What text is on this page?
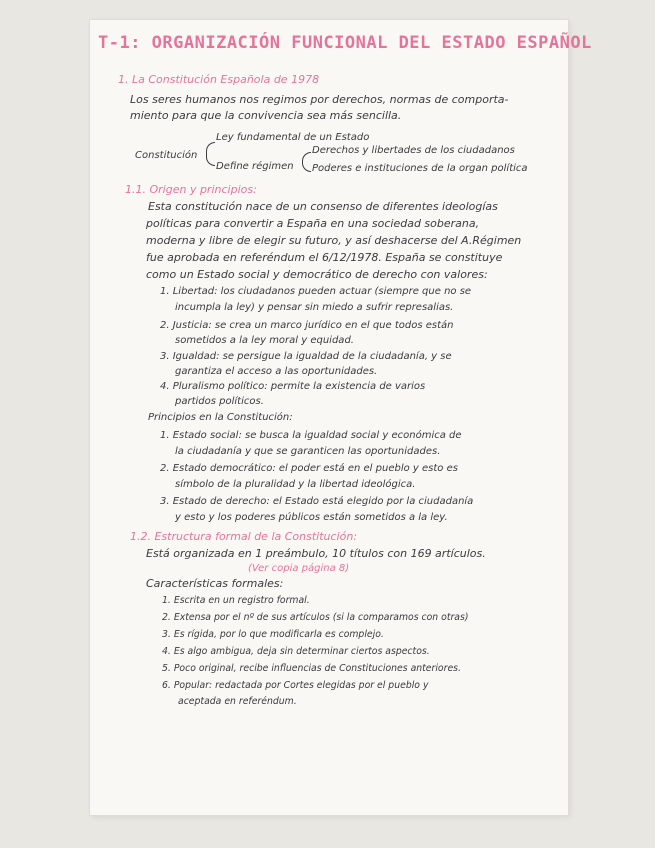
T-1: ORGANIZACIÓN FUNCIONAL DEL ESTADO ESPAÑOL
1. La Constitución Española de 1978
Los seres humanos nos regimos por derechos, normas de comporta-
miento para que la convivencia sea más sencilla.
Constitución
Ley fundamental de un Estado
Define régimen
Derechos y libertades de los ciudadanos
Poderes e instituciones de la organ política
1.1. Origen y principios:
Esta constitución nace de un consenso de diferentes ideologías
políticas para convertir a España en una sociedad soberana,
moderna y libre de elegir su futuro, y así deshacerse del A.Régimen
fue aprobada en referéndum el 6/12/1978. España se constituye
como un Estado social y democrático de derecho con valores:
1. Libertad: los ciudadanos pueden actuar (siempre que no se
incumpla la ley) y pensar sin miedo a sufrir represalias.
2. Justicia: se crea un marco jurídico en el que todos están
sometidos a la ley moral y equidad.
3. Igualdad: se persigue la igualdad de la ciudadanía, y se
garantiza el acceso a las oportunidades.
4. Pluralismo político: permite la existencia de varios
partidos políticos.
Principios en la Constitución:
1. Estado social: se busca la igualdad social y económica de
la ciudadanía y que se garanticen las oportunidades.
2. Estado democrático: el poder está en el pueblo y esto es
símbolo de la pluralidad y la libertad ideológica.
3. Estado de derecho: el Estado está elegido por la ciudadanía
y esto y los poderes públicos están sometidos a la ley.
1.2. Estructura formal de la Constitución:
Está organizada en 1 preámbulo, 10 títulos con 169 artículos.
(Ver copia página 8)
Características formales:
1. Escrita en un registro formal.
2. Extensa por el nº de sus artículos (si la comparamos con otras)
3. Es rígida, por lo que modificarla es complejo.
4. Es algo ambigua, deja sin determinar ciertos aspectos.
5. Poco original, recibe influencias de Constituciones anteriores.
6. Popular: redactada por Cortes elegidas por el pueblo y
aceptada en referéndum.
